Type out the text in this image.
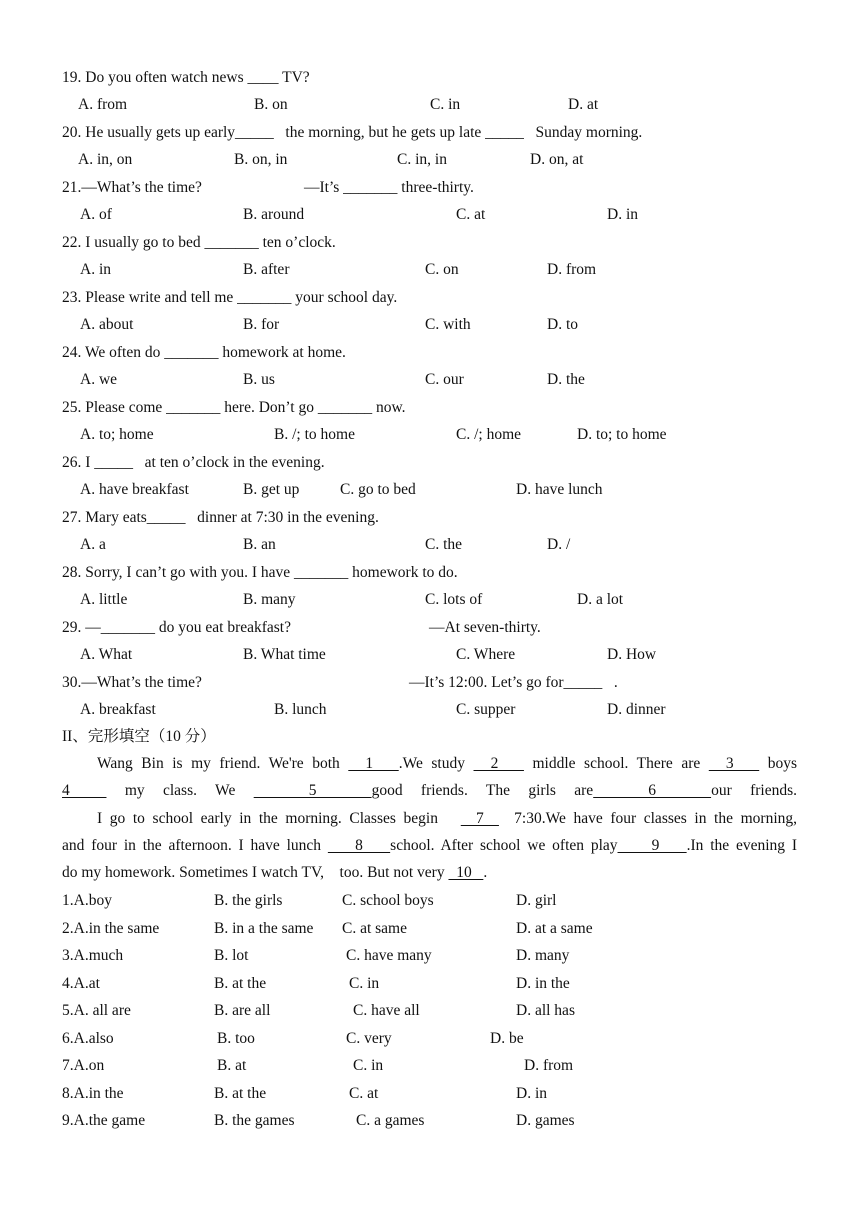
19. Do you often watch news ____ TV?
A. from	B. on	C. in	D. at
20. He usually gets up early_____   the morning, but he gets up late _____   Sunday morning.
A. in, on	B. on, in	C. in, in	D. on, at
21.—What’s the time?	—It’s _______ three-thirty.
A. of	B. around	C. at	D. in
22. I usually go to bed _______ ten o’clock.
A. in	B. after	C. on	D. from
23. Please write and tell me _______ your school day.
A. about	B. for	C. with	D. to
24. We often do _______ homework at home.
A. we	B. us	C. our	D. the
25. Please come _______ here. Don’t go _______ now.
A. to; home	B. /; to home	C. /; home	D. to; to home
26. I _____   at ten o’clock in the evening.
A. have breakfast	B. get up	C. go to bed	D. have lunch
27. Mary eats_____   dinner at 7:30 in the evening.
A. a	B. an	C. the	D. /
28. Sorry, I can’t go with you. I have _______ homework to do.
A. little	B. many	C. lots of	D. a lot
29. —_______ do you eat breakfast?	—At seven-thirty.
A. What	B. What time	C. Where	D. How
30.—What’s the time?	—It’s 12:00. Let’s go for_____   .
A. breakfast	B. lunch	C. supper	D. dinner
II、完形填空（10 分）
Wang Bin is my friend. We're both   1   .We study   2    middle school. There are   3    boys
4   my class. We    5   good friends. The girls are   6   our friends.
I go to school early in the morning. Classes begin     7    7:30.We have four classes in the morning,
and four in the afternoon. I have lunch     8    school. After school we often play     9    .In the evening I
do my homework. Sometimes I watch TV,    too. But not very   10   .
1.A.boy	B. the girls	C. school boys	D. girl
2.A.in the same	B. in a the same C. at same	D. at a same
3.A.much	B. lot	C. have many	D. many
4.A.at	B. at the	C. in	D. in the
5.A. all are	B. are all	C. have all	D. all has
6.A.also	B. too	C. very	D. be
7.A.on	B. at	C. in	D. from
8.A.in the	B. at the	C. at	D. in
9.A.the game	B. the games	C. a games	D. games
